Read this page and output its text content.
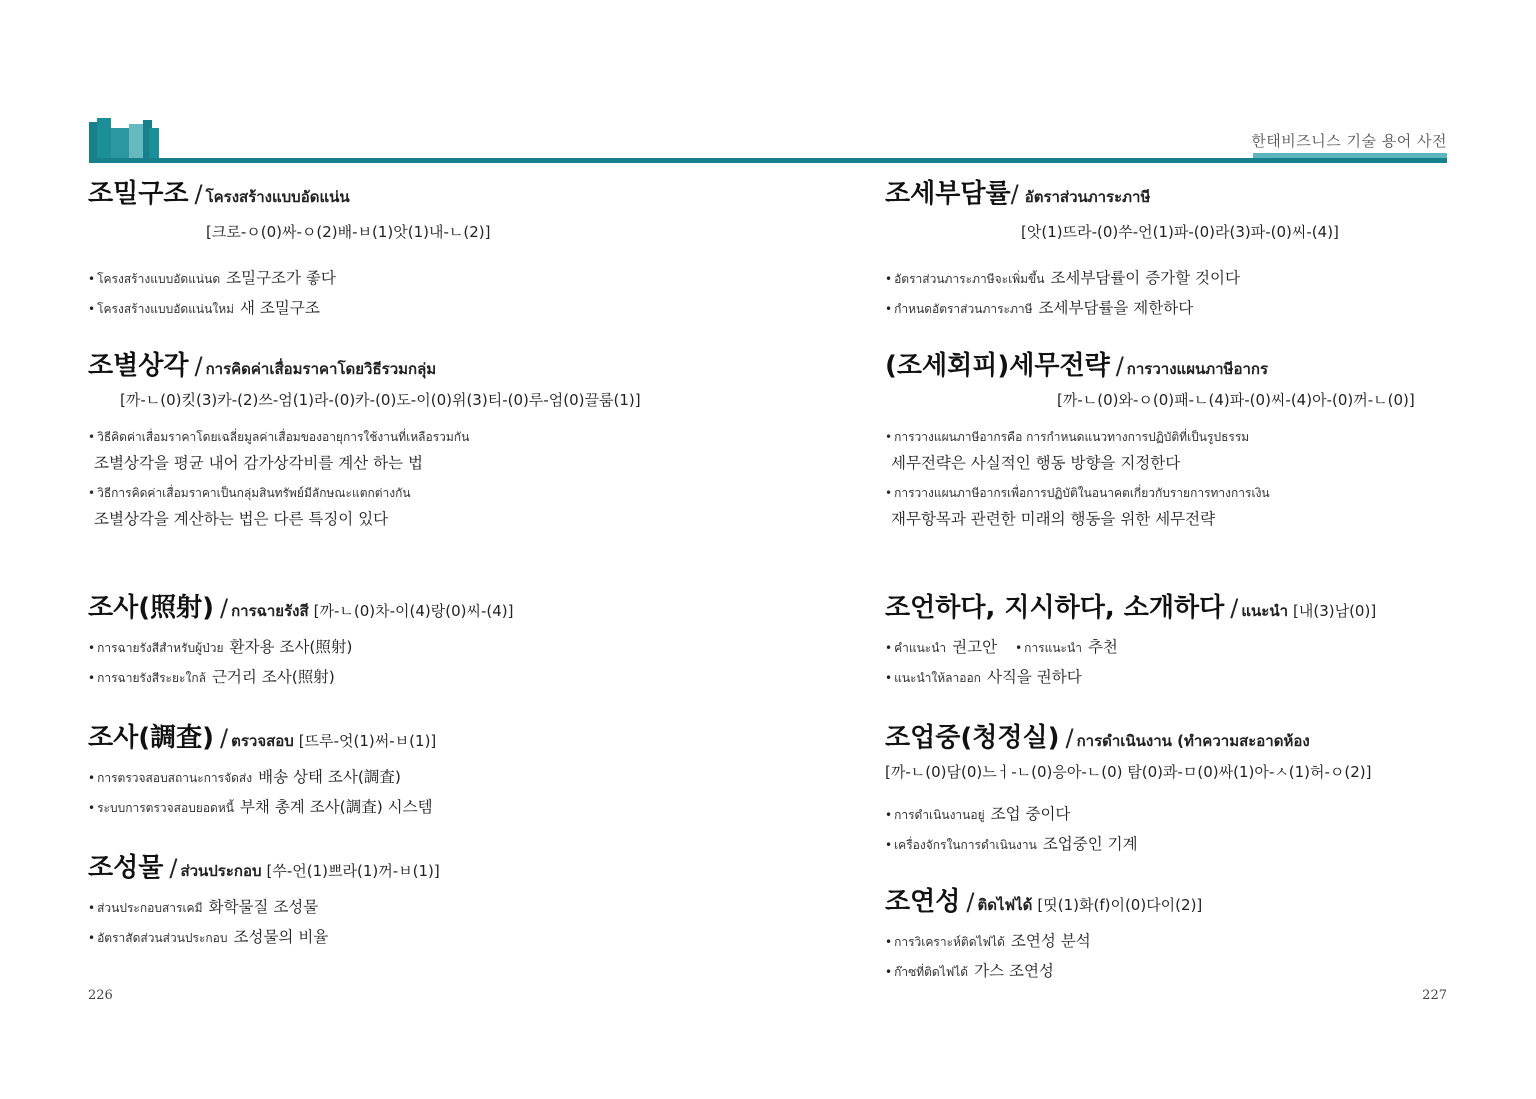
한태비즈니스 기술 용어 사전
조밀구조 / โครงสร้างแบบอัดแน่น
[크로-ㅇ(0)싸-ㅇ(2)배-ㅂ(1)앗(1)내-ㄴ(2)]
• โครงสร้างแบบอัดแน่นด 조밀구조가 좋다
• โครงสร้างแบบอัดแน่นใหม่ 새 조밀구조
조별상각 / การคิดค่าเสื่อมราคาโดยวิธีรวมกลุ่ม
[까-ㄴ(0)킷(3)카-(2)쓰-엄(1)라-(0)카-(0)도-이(0)위(3)티-(0)루-엄(0)끌룸(1)]
• วิธีคิดค่าเสื่อมราคาโดยเฉลี่ยมูลค่าเสื่อมของอายุการใช้งานที่เหลือรวมกัน
조별상각을 평균 내어 감가상각비를 계산 하는 법
• วิธีการคิดค่าเสื่อมราคาเป็นกลุ่มสินทรัพย์มีลักษณะแตกต่างกัน
조별상각을 계산하는 법은 다른 특징이 있다
조사(照射) / การฉายรังสี [까-ㄴ(0)차-이(4)랑(0)씨-(4)]
• การฉายรังสีสำหรับผู้ป่วย 환자용 조사(照射)
• การฉายรังสีระยะใกล้ 근거리 조사(照射)
조사(調査) / ตรวจสอบ [뜨루-엇(1)써-ㅂ(1)]
• การตรวจสอบสถานะการจัดส่ง 배송 상태 조사(調査)
• ระบบการตรวจสอบยอดหนี้ 부채 총계 조사(調査) 시스템
조성물 / ส่วนประกอบ [쑤-언(1)쁘라(1)꺼-ㅂ(1)]
• ส่วนประกอบสารเคมี 화학물질 조성물
• อัตราสัดส่วนส่วนประกอบ 조성물의 비율
조세부담률/ อัตราส่วนภาระภาษี
[앗(1)뜨라-(0)쑤-언(1)파-(0)라(3)파-(0)씨-(4)]
• อัตราส่วนภาระภาษีจะเพิ่มขึ้น 조세부담률이 증가할 것이다
• กำหนดอัตราส่วนภาระภาษี 조세부담률을 제한하다
(조세회피)세무전략 / การวางแผนภาษีอากร
[까-ㄴ(0)와-ㅇ(0)패-ㄴ(4)파-(0)씨-(4)아-(0)꺼-ㄴ(0)]
• การวางแผนภาษีอากรคือ การกำหนดแนวทางการปฏิบัติที่เป็นรูปธรรม
세무전략은 사실적인 행동 방향을 지정한다
• การวางแผนภาษีอากรเพื่อการปฏิบัติในอนาคตเกี่ยวกับรายการทางการเงิน
재무항목과 관련한 미래의 행동을 위한 세무전략
조언하다, 지시하다, 소개하다 / แนะนำ [내(3)남(0)]
• คำแนะนำ 권고안 • การแนะนำ 추천
• แนะนำให้ลาออก 사직을 권하다
조업중(청정실) / การดำเนินงาน (ทำความสะอาดห้อง
[까-ㄴ(0)담(0)느ㅓ-ㄴ(0)응아-ㄴ(0) 탐(0)콰-ㅁ(0)싸(1)아-ㅅ(1)허-ㅇ(2)]
• การดำเนินงานอยู่ 조업 중이다
• เครื่องจักรในการดำเนินงาน 조업중인 기계
조연성 / ติดไฟได้ [띳(1)화(f)이(0)다이(2)]
• การวิเคราะห์ติดไฟได้ 조연성 분석
• ก๊าซที่ติดไฟได้ 가스 조연성
226	227
